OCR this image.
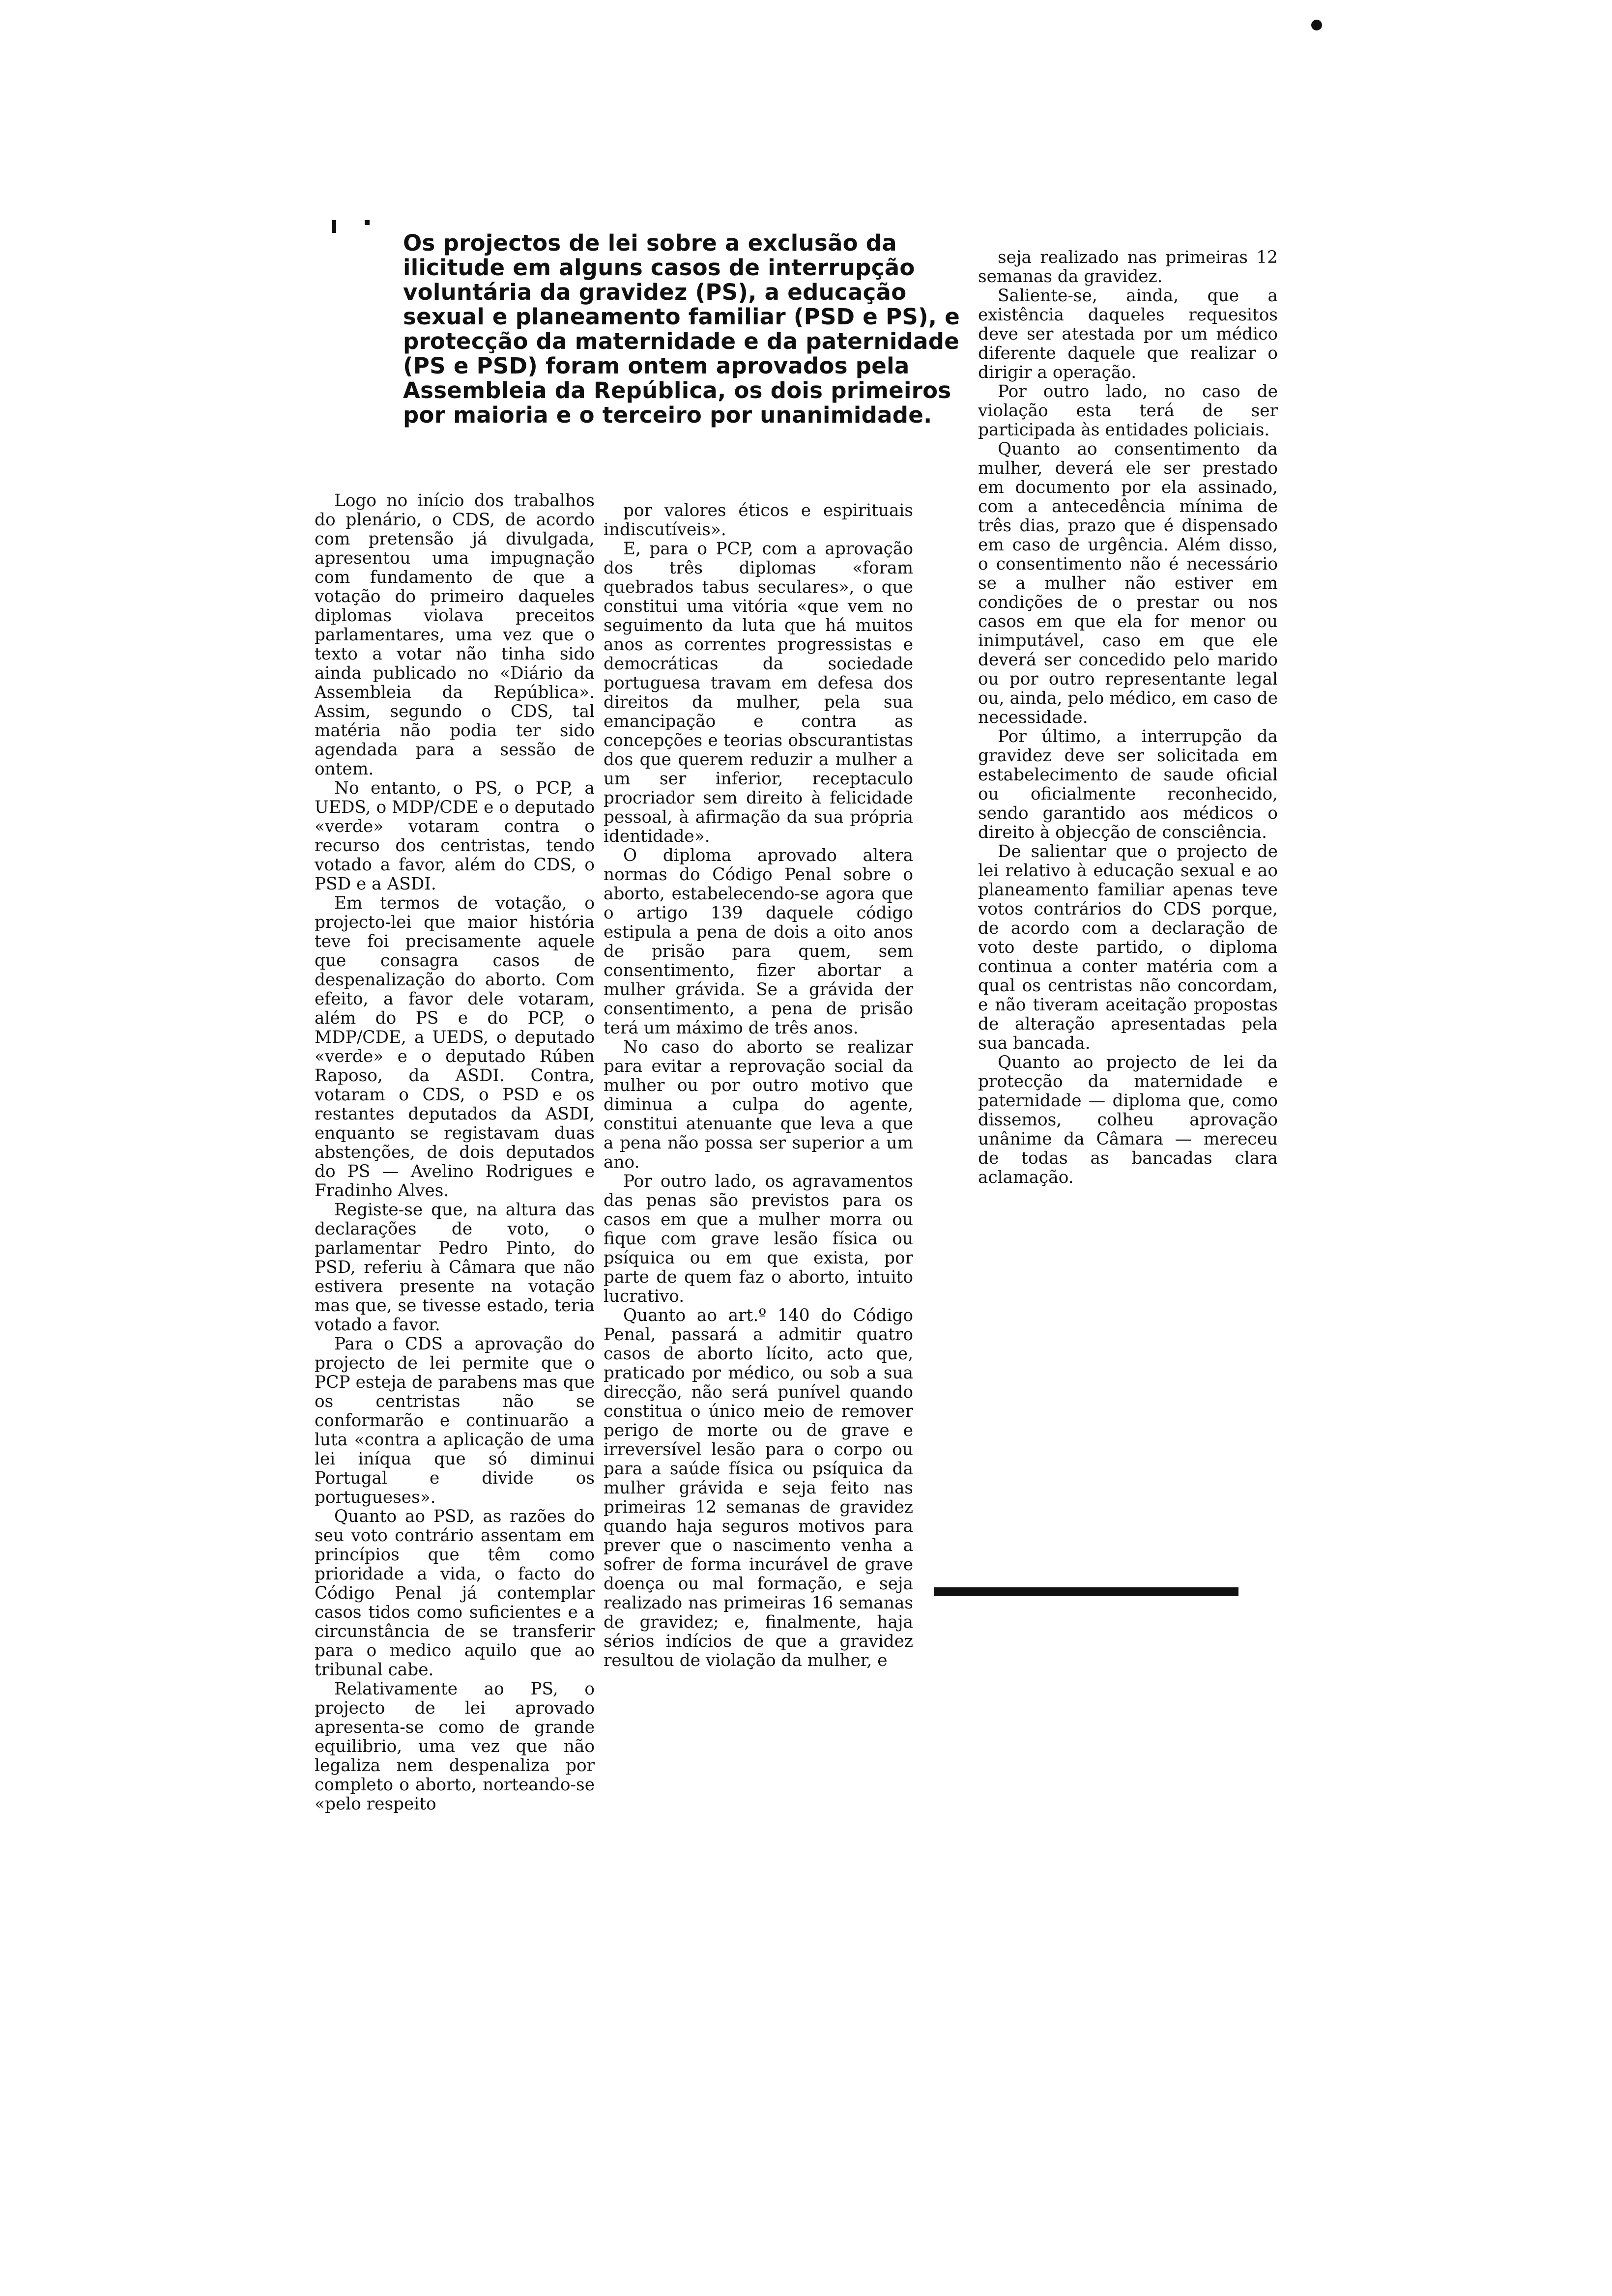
Os projectos de lei sobre a exclusão da ilicitude em alguns casos de interrupção voluntária da gravidez (PS), a educação sexual e planeamento familiar (PSD e PS), e protecção da maternidade e da paternidade (PS e PSD) foram ontem aprovados pela Assembleia da República, os dois primeiros por maioria e o terceiro por unanimidade.

Logo no início dos trabalhos do plenário, o CDS, de acordo com pretensão já divulgada, apresentou uma impugnação com fundamento de que a votação do primeiro daqueles diplomas violava preceitos parlamentares, uma vez que o texto a votar não tinha sido ainda publicado no «Diário da Assembleia da República». Assim, segundo o CDS, tal matéria não podia ter sido agendada para a sessão de ontem.

No entanto, o PS, o PCP, a UEDS, o MDP/CDE e o deputado «verde» votaram contra o recurso dos centristas, tendo votado a favor, além do CDS, o PSD e a ASDI.

Em termos de votação, o projecto-lei que maior história teve foi precisamente aquele que consagra casos de despenalização do aborto. Com efeito, a favor dele votaram, além do PS e do PCP, o MDP/CDE, a UEDS, o deputado «verde» e o deputado Rúben Raposo, da ASDI. Contra, votaram o CDS, o PSD e os restantes deputados da ASDI, enquanto se registavam duas abstenções, de dois deputados do PS — Avelino Rodrigues e Fradinho Alves.

Registe-se que, na altura das declarações de voto, o parlamentar Pedro Pinto, do PSD, referiu à Câmara que não estivera presente na votação mas que, se tivesse estado, teria votado a favor.

Para o CDS a aprovação do projecto de lei permite que o PCP esteja de parabens mas que os centristas não se conformarão e continuarão a luta «contra a aplicação de uma lei iníqua que só diminui Portugal e divide os portugueses».

Quanto ao PSD, as razões do seu voto contrário assentam em princípios que têm como prioridade a vida, o facto do Código Penal já contemplar casos tidos como suficientes e a circunstância de se transferir para o medico aquilo que ao tribunal cabe.

Relativamente ao PS, o projecto de lei aprovado apresenta-se como de grande equilibrio, uma vez que não legaliza nem despenaliza por completo o aborto, norteando-se «pelo respeito

por valores éticos e espirituais indiscutíveis».

E, para o PCP, com a aprovação dos três diplomas «foram quebrados tabus seculares», o que constitui uma vitória «que vem no seguimento da luta que há muitos anos as correntes progressistas e democráticas da sociedade portuguesa travam em defesa dos direitos da mulher, pela sua emancipação e contra as concepções e teorias obscurantistas dos que querem reduzir a mulher a um ser inferior, receptaculo procriador sem direito à felicidade pessoal, à afirmação da sua própria identidade».

O diploma aprovado altera normas do Código Penal sobre o aborto, estabelecendo-se agora que o artigo 139 daquele código estipula a pena de dois a oito anos de prisão para quem, sem consentimento, fizer abortar a mulher grávida. Se a grávida der consentimento, a pena de prisão terá um máximo de três anos.

No caso do aborto se realizar para evitar a reprovação social da mulher ou por outro motivo que diminua a culpa do agente, constitui atenuante que leva a que a pena não possa ser superior a um ano.

Por outro lado, os agravamentos das penas são previstos para os casos em que a mulher morra ou fique com grave lesão física ou psíquica ou em que exista, por parte de quem faz o aborto, intuito lucrativo.

Quanto ao art.º 140 do Código Penal, passará a admitir quatro casos de aborto lícito, acto que, praticado por médico, ou sob a sua direcção, não será punível quando constitua o único meio de remover perigo de morte ou de grave e irreversível lesão para o corpo ou para a saúde física ou psíquica da mulher grávida e seja feito nas primeiras 12 semanas de gravidez quando haja seguros motivos para prever que o nascimento venha a sofrer de forma incurável de grave doença ou mal formação, e seja realizado nas primeiras 16 semanas de gravidez; e, finalmente, haja sérios indícios de que a gravidez resultou de violação da mulher, e

seja realizado nas primeiras 12 semanas da gravidez.

Saliente-se, ainda, que a existência daqueles requesitos deve ser atestada por um médico diferente daquele que realizar o dirigir a operação.

Por outro lado, no caso de violação esta terá de ser participada às entidades policiais.

Quanto ao consentimento da mulher, deverá ele ser prestado em documento por ela assinado, com a antecedência mínima de três dias, prazo que é dispensado em caso de urgência. Além disso, o consentimento não é necessário se a mulher não estiver em condições de o prestar ou nos casos em que ela for menor ou inimputável, caso em que ele deverá ser concedido pelo marido ou por outro representante legal ou, ainda, pelo médico, em caso de necessidade.

Por último, a interrupção da gravidez deve ser solicitada em estabelecimento de saude oficial ou oficialmente reconhecido, sendo garantido aos médicos o direito à objecção de consciência.

De salientar que o projecto de lei relativo à educação sexual e ao planeamento familiar apenas teve votos contrários do CDS porque, de acordo com a declaração de voto deste partido, o diploma continua a conter matéria com a qual os centristas não concordam, e não tiveram aceitação propostas de alteração apresentadas pela sua bancada.

Quanto ao projecto de lei da protecção da maternidade e paternidade — diploma que, como dissemos, colheu aprovação unânime da Câmara — mereceu de todas as bancadas clara aclamação.
